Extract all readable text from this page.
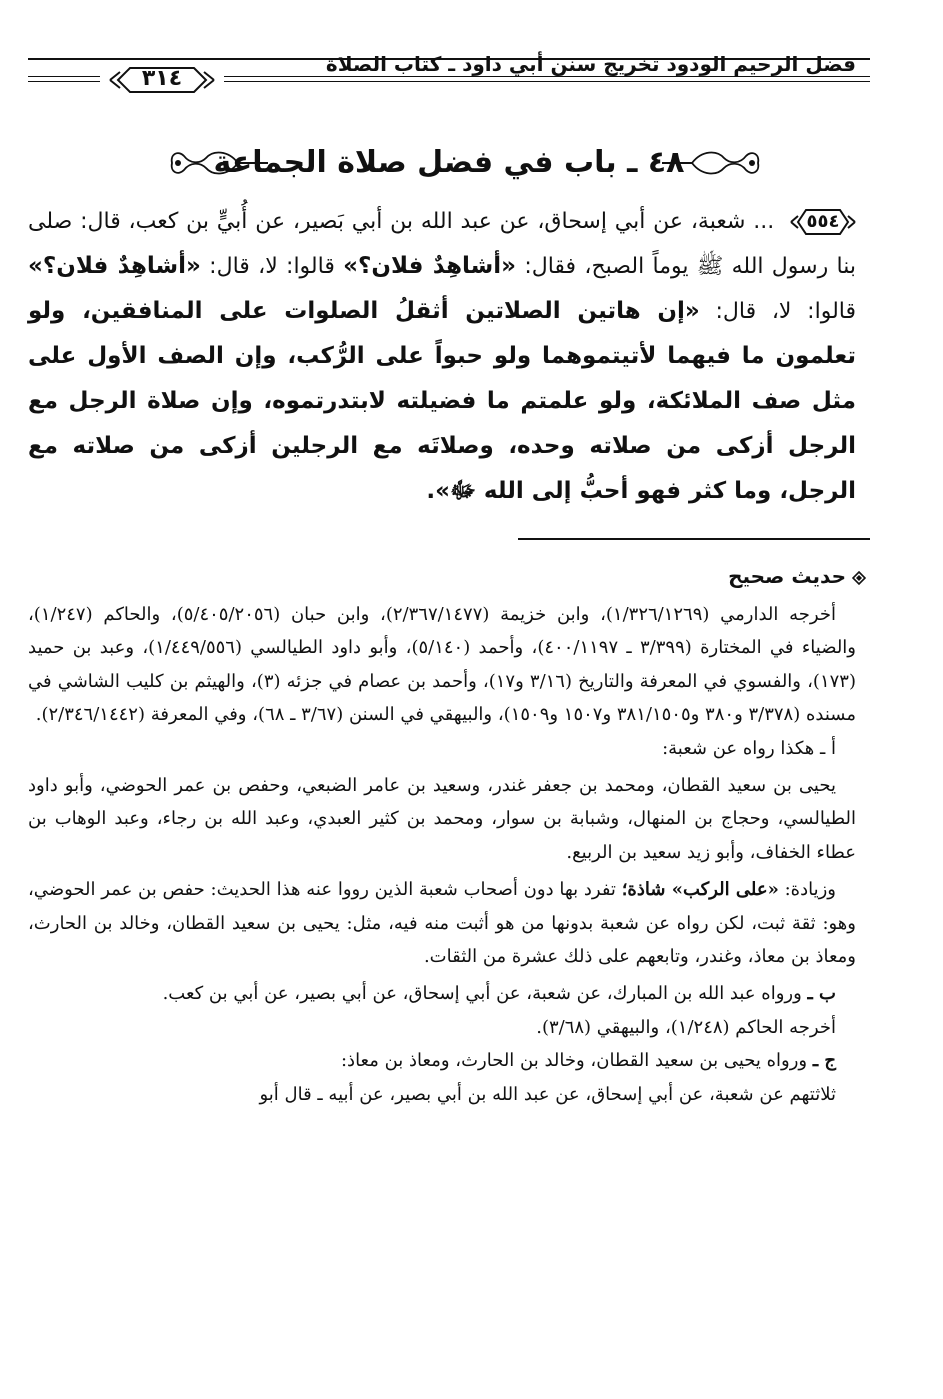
فضل الرحيم الودود تخريج سنن أبي داود ـ كتاب الصلاة
٣١٤
٤٨ ـ باب في فضل صلاة الجماعة
٥٥٤
... شعبة، عن أبي إسحاق، عن عبد الله بن أبي بَصير، عن أُبيٍّ بن كعب، قال: صلى بنا رسول الله ﷺ يوماً الصبح، فقال: «أشاهِدٌ فلان؟» قالوا: لا، قال: «أشاهِدٌ فلان؟» قالوا: لا، قال: «إن هاتين الصلاتين أثقلُ الصلوات على المنافقين، ولو تعلمون ما فيهما لأتيتموهما ولو حبواً على الرُّكب، وإن الصف الأول على مثل صف الملائكة، ولو علمتم ما فضيلته لابتدرتموه، وإن صلاة الرجل مع الرجل أزكى من صلاته وحده، وصلاتَه مع الرجلين أزكى من صلاته مع الرجل، وما كثر فهو أحبُّ إلى الله ﷻ».
حديث صحيح

أخرجه الدارمي (١/٣٢٦/١٢٦٩)، وابن خزيمة (٢/٣٦٧/١٤٧٧)، وابن حبان (٥/٤٠٥/٢٠٥٦)، والحاكم (١/٢٤٧)، والضياء في المختارة (٣/٣٩٩ ـ ٤٠٠/١١٩٧)، وأحمد (٥/١٤٠)، وأبو داود الطيالسي (١/٤٤٩/٥٥٦)، وعبد بن حميد (١٧٣)، والفسوي في المعرفة والتاريخ (٣/١٦ و١٧)، وأحمد بن عصام في جزئه (٣)، والهيثم بن كليب الشاشي في مسنده (٣/٣٧٨ و٣٨٠ و٣٨١/١٥٠٥ و١٥٠٧ و١٥٠٩)، والبيهقي في السنن (٣/٦٧ ـ ٦٨)، وفي المعرفة (٢/٣٤٦/١٤٤٢).

أ ـ هكذا رواه عن شعبة:

يحيى بن سعيد القطان، ومحمد بن جعفر غندر، وسعيد بن عامر الضبعي، وحفص بن عمر الحوضي، وأبو داود الطيالسي، وحجاج بن المنهال، وشبابة بن سوار، ومحمد بن كثير العبدي، وعبد الله بن رجاء، وعبد الوهاب بن عطاء الخفاف، وأبو زيد سعيد بن الربيع.

وزيادة: «على الركب» شاذة؛ تفرد بها دون أصحاب شعبة الذين رووا عنه هذا الحديث: حفص بن عمر الحوضي، وهو: ثقة ثبت، لكن رواه عن شعبة بدونها من هو أثبت منه فيه، مثل: يحيى بن سعيد القطان، وخالد بن الحارث، ومعاذ بن معاذ، وغندر، وتابعهم على ذلك عشرة من الثقات.

ب ـ ورواه عبد الله بن المبارك، عن شعبة، عن أبي إسحاق، عن أبي بصير، عن أبي بن كعب.

أخرجه الحاكم (١/٢٤٨)، والبيهقي (٣/٦٨).

ج ـ ورواه يحيى بن سعيد القطان، وخالد بن الحارث، ومعاذ بن معاذ:

ثلاثتهم عن شعبة، عن أبي إسحاق، عن عبد الله بن أبي بصير، عن أبيه ـ قال أبو
